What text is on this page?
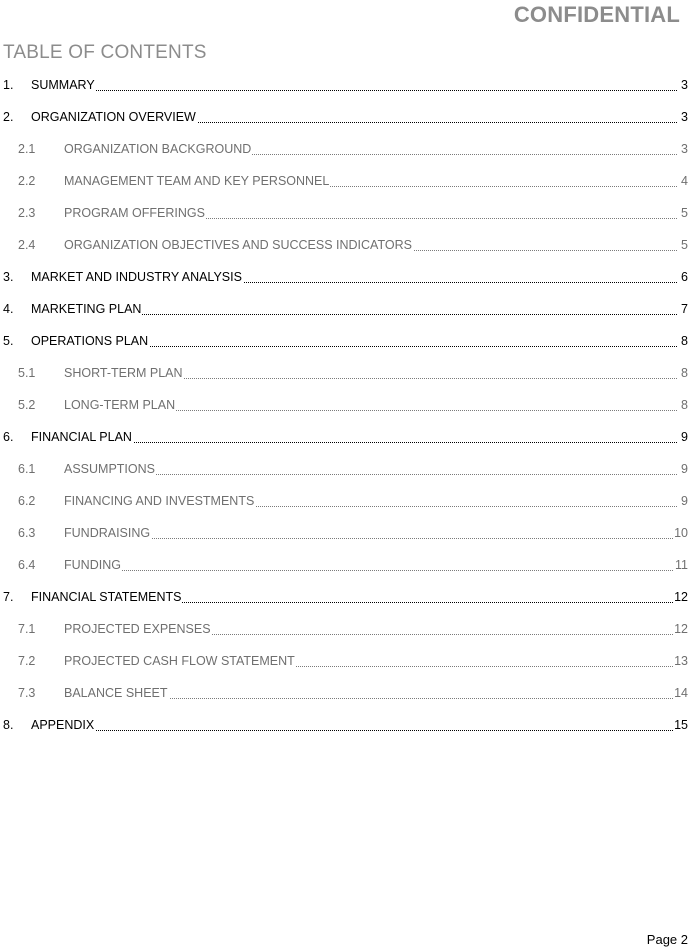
CONFIDENTIAL
TABLE OF CONTENTS
1. SUMMARY	3
2. ORGANIZATION OVERVIEW	3
2.1 ORGANIZATION BACKGROUND	3
2.2 MANAGEMENT TEAM AND KEY PERSONNEL	4
2.3 PROGRAM OFFERINGS	5
2.4 ORGANIZATION OBJECTIVES AND SUCCESS INDICATORS	5
3. MARKET AND INDUSTRY ANALYSIS	6
4. MARKETING PLAN	7
5. OPERATIONS PLAN	8
5.1 SHORT-TERM PLAN	8
5.2 LONG-TERM PLAN	8
6. FINANCIAL PLAN	9
6.1 ASSUMPTIONS	9
6.2 FINANCING AND INVESTMENTS	9
6.3 FUNDRAISING	10
6.4 FUNDING	11
7. FINANCIAL STATEMENTS	12
7.1 PROJECTED EXPENSES	12
7.2 PROJECTED CASH FLOW STATEMENT	13
7.3 BALANCE SHEET	14
8. APPENDIX	15
Page 2
